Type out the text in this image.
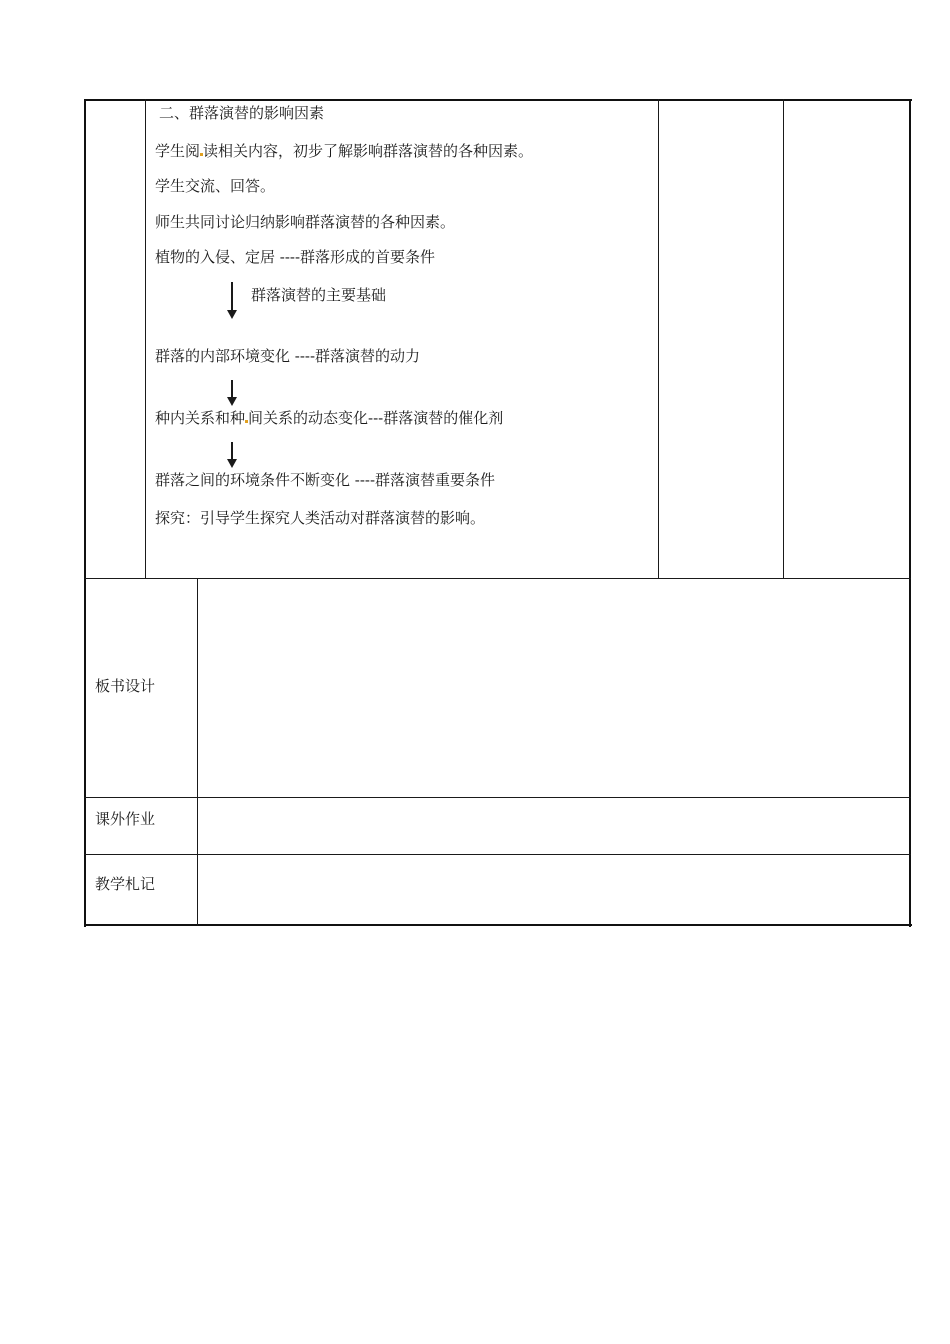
二、群落演替的影响因素
学生阅 读相关内容，初步了解影响群落演替的各种因素。
学生交流、回答。
师生共同讨论归纳影响群落演替的各种因素。
植物的入侵、定居 ----群落形成的首要条件
群落演替的主要基础
群落的内部环境变化 ----群落演替的动力
种内关系和种 间关系的动态变化---群落演替的催化剂
群落之间的环境条件不断变化 ----群落演替重要条件
探究：引导学生探究人类活动对群落演替的影响。
板书设计
课外作业
教学札记
